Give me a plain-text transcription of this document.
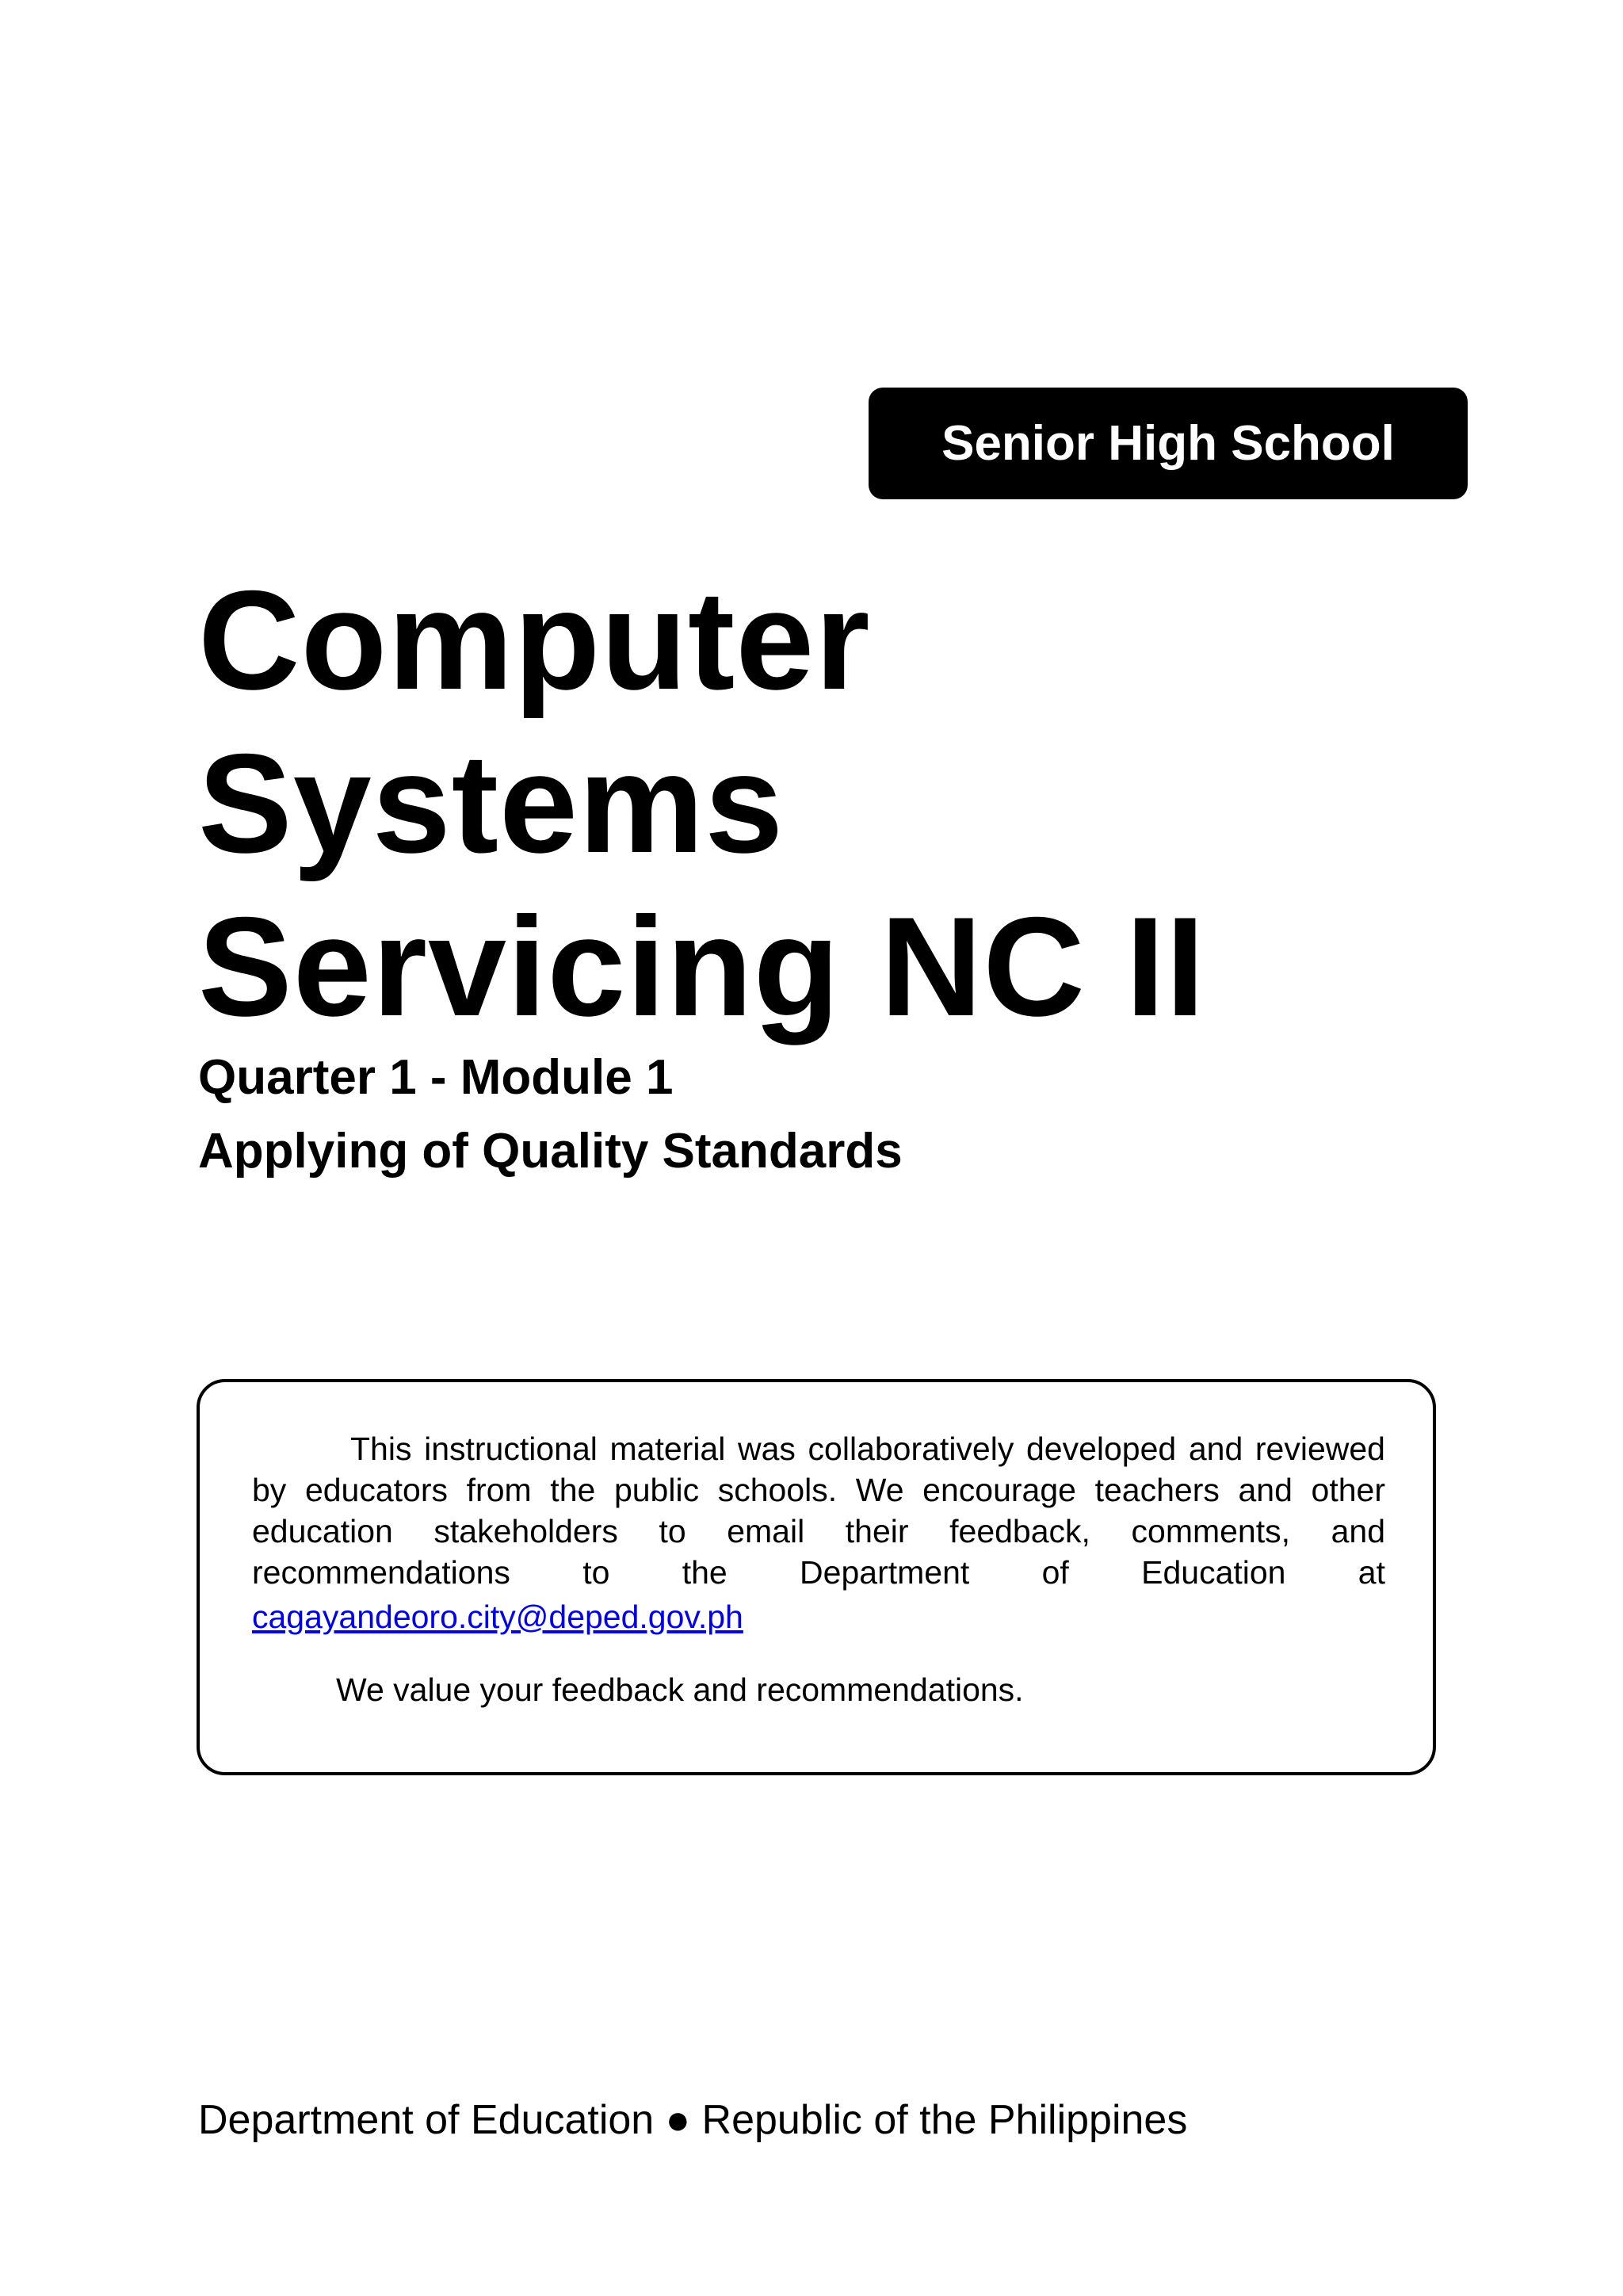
Senior High School
Computer
Systems
Servicing NC II
Quarter 1 - Module 1
Applying of Quality Standards
This instructional material was collaboratively developed and reviewed by educators from the public schools. We encourage teachers and other education stakeholders to email their feedback, comments, and recommendations to the Department of Education at
cagayandeoro.city@deped.gov.ph
We value your feedback and recommendations.
Department of Education ● Republic of the Philippines
